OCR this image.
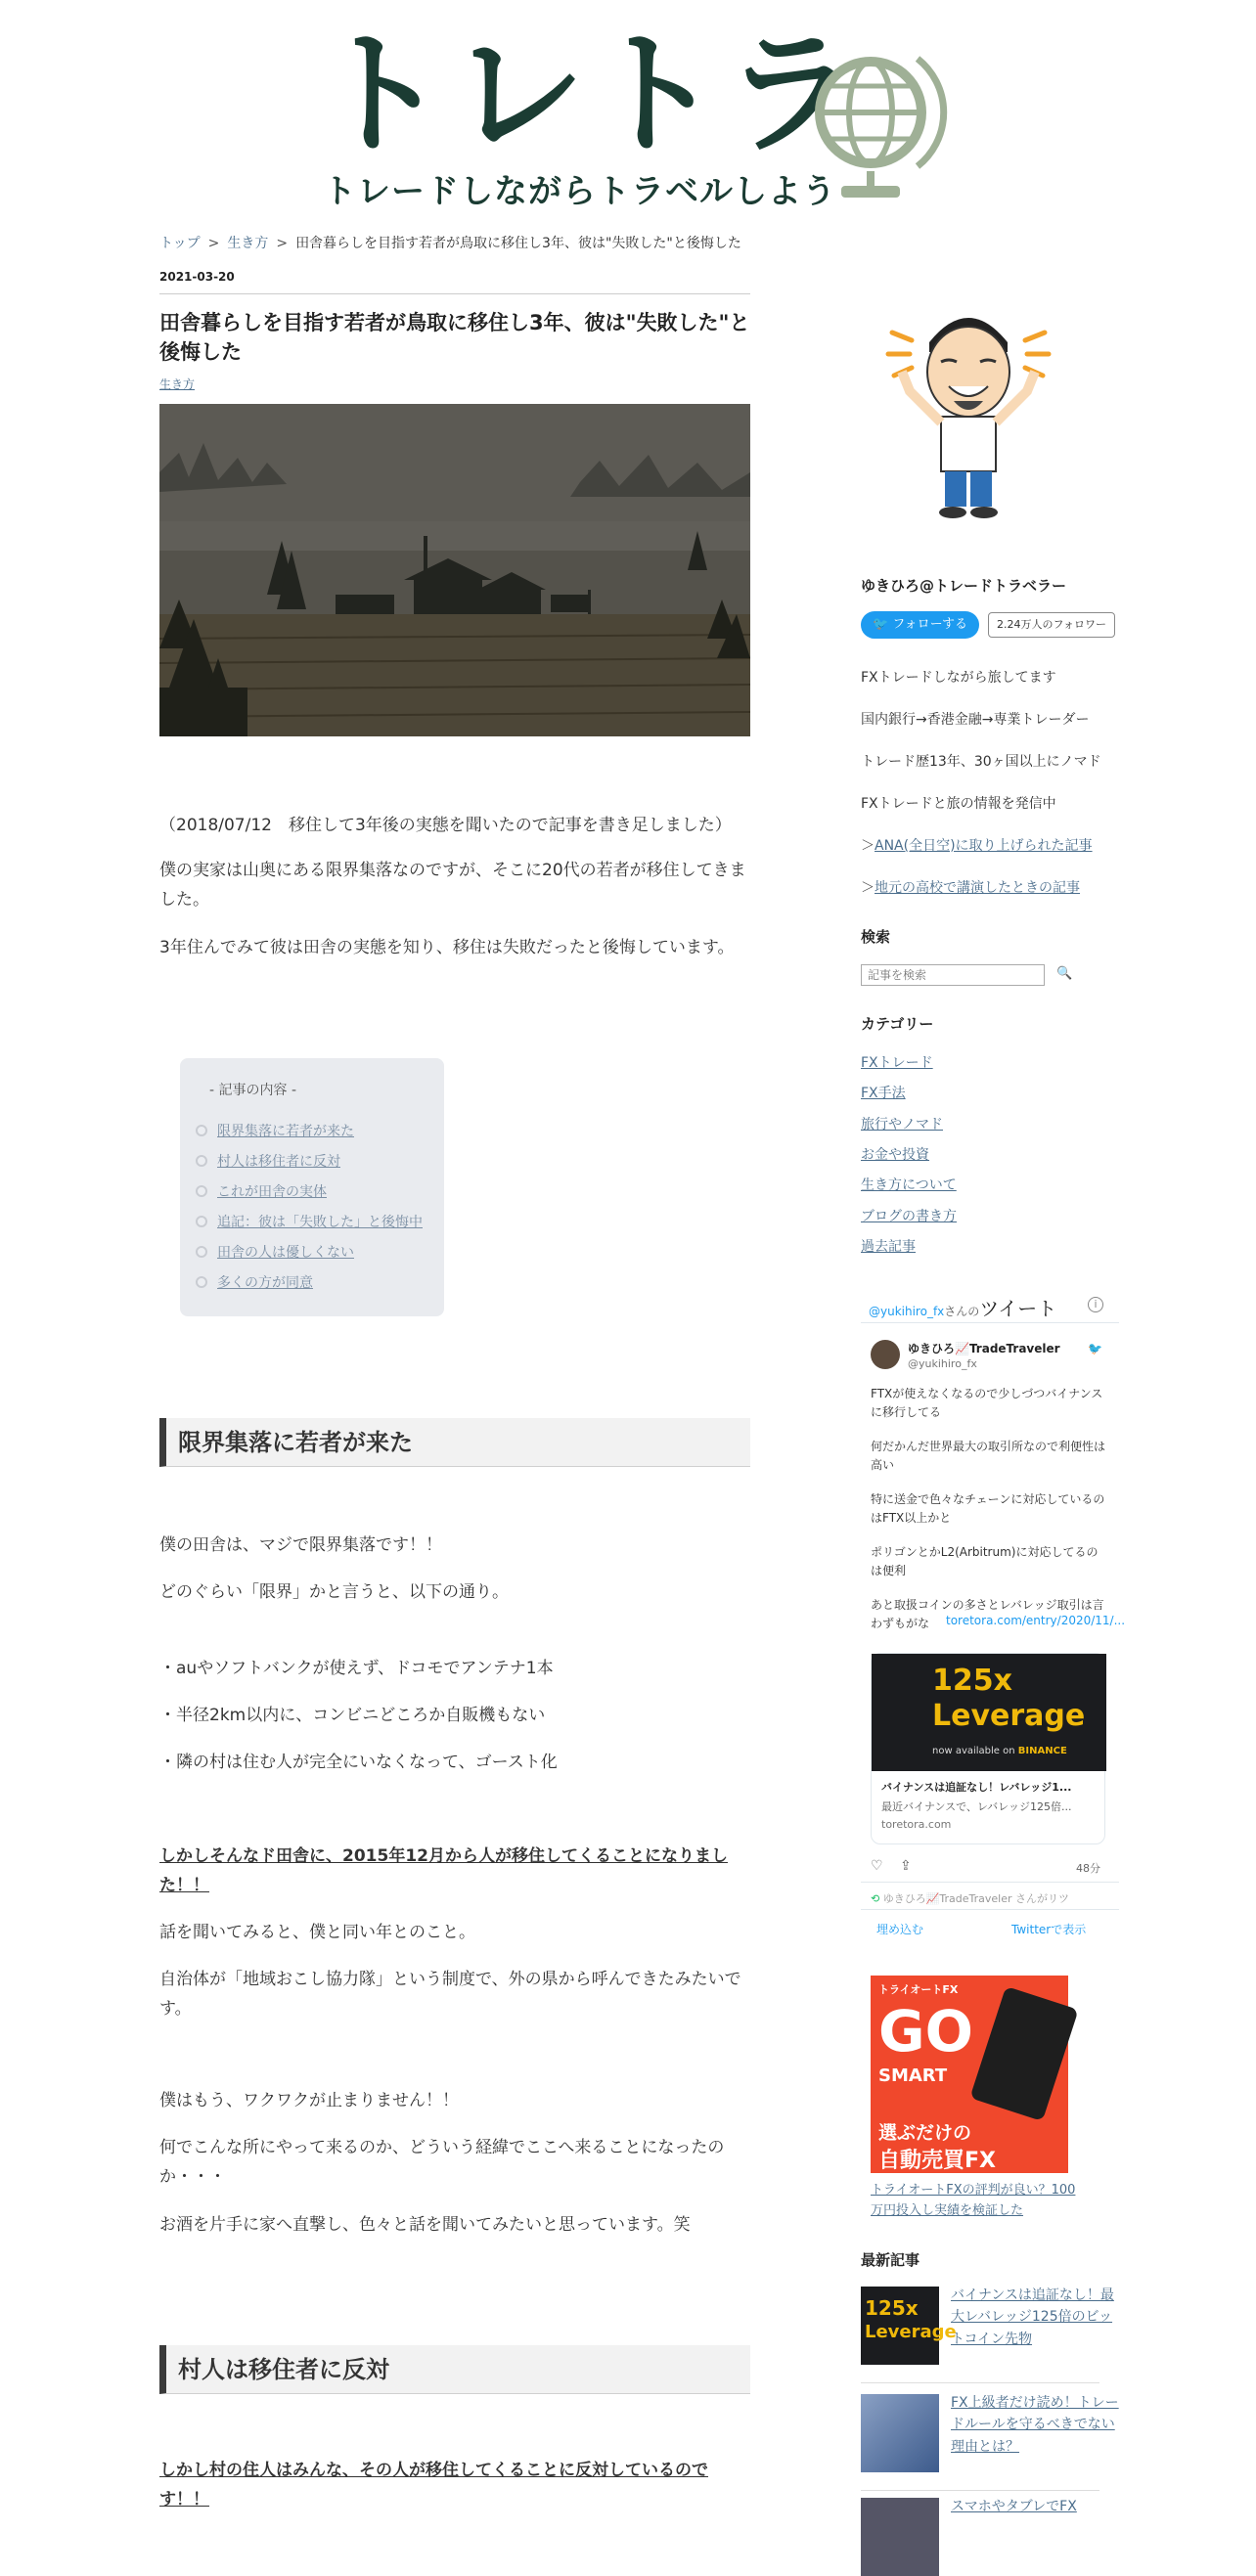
トレトラ
トレードしながらトラベルしよう
トップ > 生き方 > 田舎暮らしを目指す若者が鳥取に移住し3年、彼は"失敗した"と後悔した
2021-03-20
田舎暮らしを目指す若者が鳥取に移住し3年、彼は"失敗した"と後悔した
生き方

（2018/07/12　移住して3年後の実態を聞いたので記事を書き足しました）

僕の実家は山奥にある限界集落なのですが、そこに20代の若者が移住してきました。

3年住んでみて彼は田舎の実態を知り、移住は失敗だったと後悔しています。

- 記事の内容 -
限界集落に若者が来た
村人は移住者に反対
これが田舎の実体
追記：彼は「失敗した」と後悔中
田舎の人は優しくない
多くの方が同意
限界集落に若者が来た

僕の田舎は、マジで限界集落です！！

どのぐらい「限界」かと言うと、以下の通り。

・auやソフトバンクが使えず、ドコモでアンテナ1本

・半径2km以内に、コンビニどころか自販機もない

・隣の村は住む人が完全にいなくなって、ゴースト化

しかしそんなド田舎に、2015年12月から人が移住してくることになりました！！

話を聞いてみると、僕と同い年とのこと。

自治体が「地域おこし協力隊」という制度で、外の県から呼んできたみたいです。

僕はもう、ワクワクが止まりません！！

何でこんな所にやって来るのか、どういう経緯でここへ来ることになったのか・・・

お酒を片手に家へ直撃し、色々と話を聞いてみたいと思っています。笑

村人は移住者に反対

しかし村の住人はみんな、その人が移住してくることに反対しているのです！！

ゆきひろ@トレードトラベラー
🐦 フォローする	2.24万人のフォロワー
FXトレードしながら旅してます
国内銀行→香港金融→専業トレーダー
トレード歴13年、30ヶ国以上にノマド
FXトレードと旅の情報を発信中
＞ANA(全日空)に取り上げられた記事
＞地元の高校で講演したときの記事
検索
記事を検索
🔍
カテゴリー
FXトレード
FX手法
旅行やノマド
お金や投資
生き方について
ブログの書き方
過去記事
@yukihiro_fxさんのツイート	i
ゆきひろ📈TradeTraveler
@yukihiro_fx
🐦
FTXが使えなくなるので少しづつバイナンスに移行してる
何だかんだ世界最大の取引所なので利便性は高い
特に送金で色々なチェーンに対応しているのはFTX以上かと
ポリゴンとかL2(Arbitrum)に対応してるのは便利
あと取扱コインの多さとレバレッジ取引は言わずもがな	toretora.com/entry/2020/11/...
125x
Leverage
now available on BINANCE
バイナンスは追証なし！レバレッジ1...
最近バイナンスで、レバレッジ125倍...
toretora.com
♡ ⇪	48分
⟲ ゆきひろ📈TradeTraveler さんがリツ
埋め込む	Twitterで表示
トライオートFX
GO
SMART
選ぶだけの
自動売買FX
トライオートFXの評判が良い？100万円投入し実績を検証した
最新記事
125x
Leverage
バイナンスは追証なし！最大レバレッジ125倍のビットコイン先物
FX上級者だけ読め！トレードルールを守るべきでない理由とは？
スマホやタブレでFX
